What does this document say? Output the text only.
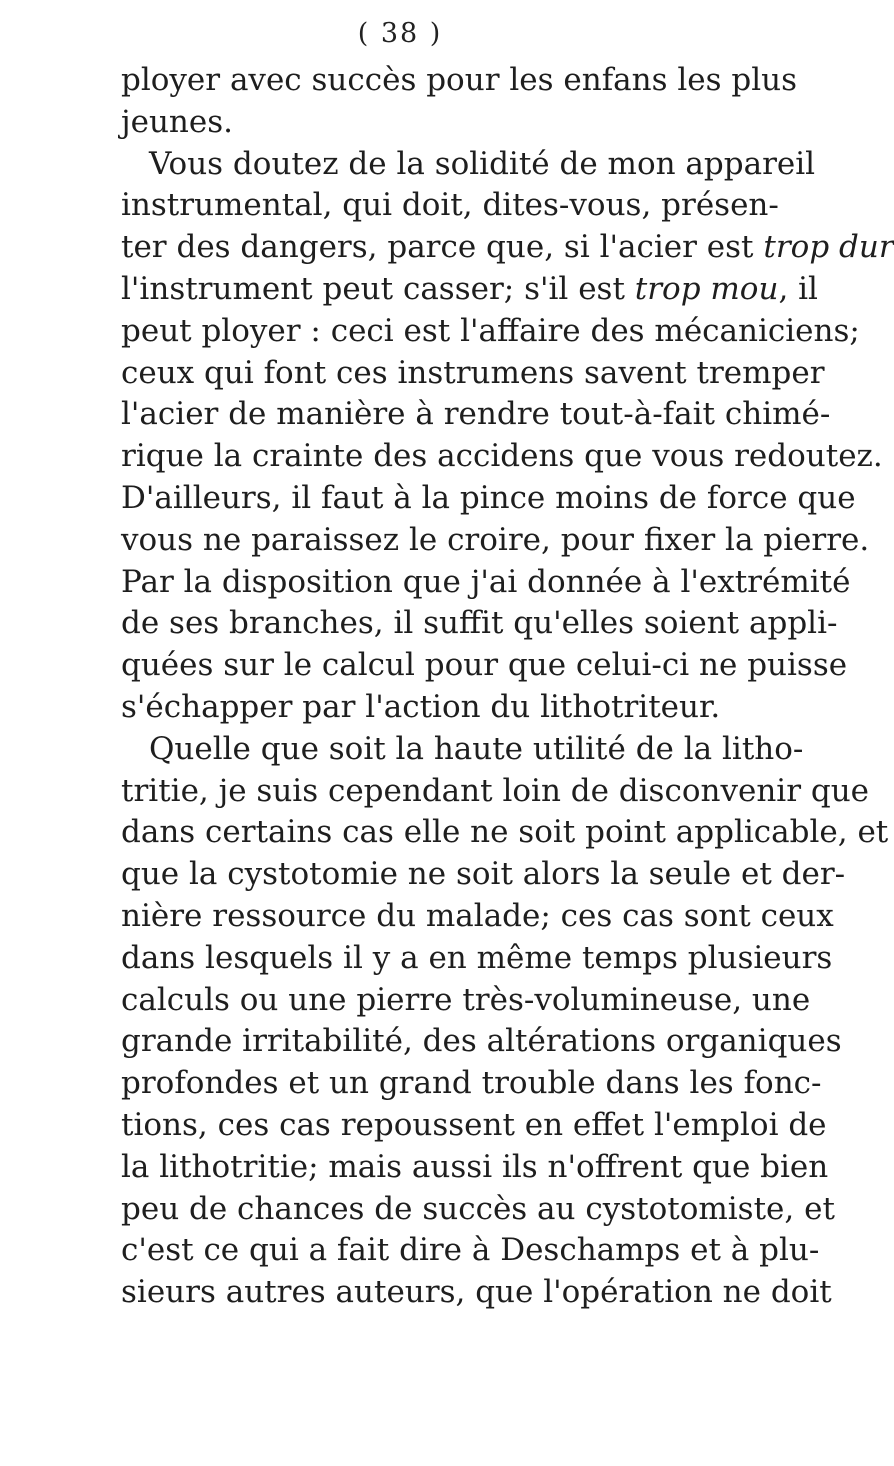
( 38 )
ployer avec succès pour les enfans les plus
jeunes.
Vous doutez de la solidité de mon appareil
instrumental, qui doit, dites-vous, présen-
ter des dangers, parce que, si l'acier est trop dur
l'instrument peut casser; s'il est trop mou, il
peut ployer : ceci est l'affaire des mécaniciens;
ceux qui font ces instrumens savent tremper
l'acier de manière à rendre tout-à-fait chimé-
rique la crainte des accidens que vous redoutez.
D'ailleurs, il faut à la pince moins de force que
vous ne paraissez le croire, pour fixer la pierre.
Par la disposition que j'ai donnée à l'extrémité
de ses branches, il suffit qu'elles soient appli-
quées sur le calcul pour que celui-ci ne puisse
s'échapper par l'action du lithotriteur.
Quelle que soit la haute utilité de la litho-
tritie, je suis cependant loin de disconvenir que
dans certains cas elle ne soit point applicable, et
que la cystotomie ne soit alors la seule et der-
nière ressource du malade; ces cas sont ceux
dans lesquels il y a en même temps plusieurs
calculs ou une pierre très-volumineuse, une
grande irritabilité, des altérations organiques
profondes et un grand trouble dans les fonc-
tions, ces cas repoussent en effet l'emploi de
la lithotritie; mais aussi ils n'offrent que bien
peu de chances de succès au cystotomiste, et
c'est ce qui a fait dire à Deschamps et à plu-
sieurs autres auteurs, que l'opération ne doit
